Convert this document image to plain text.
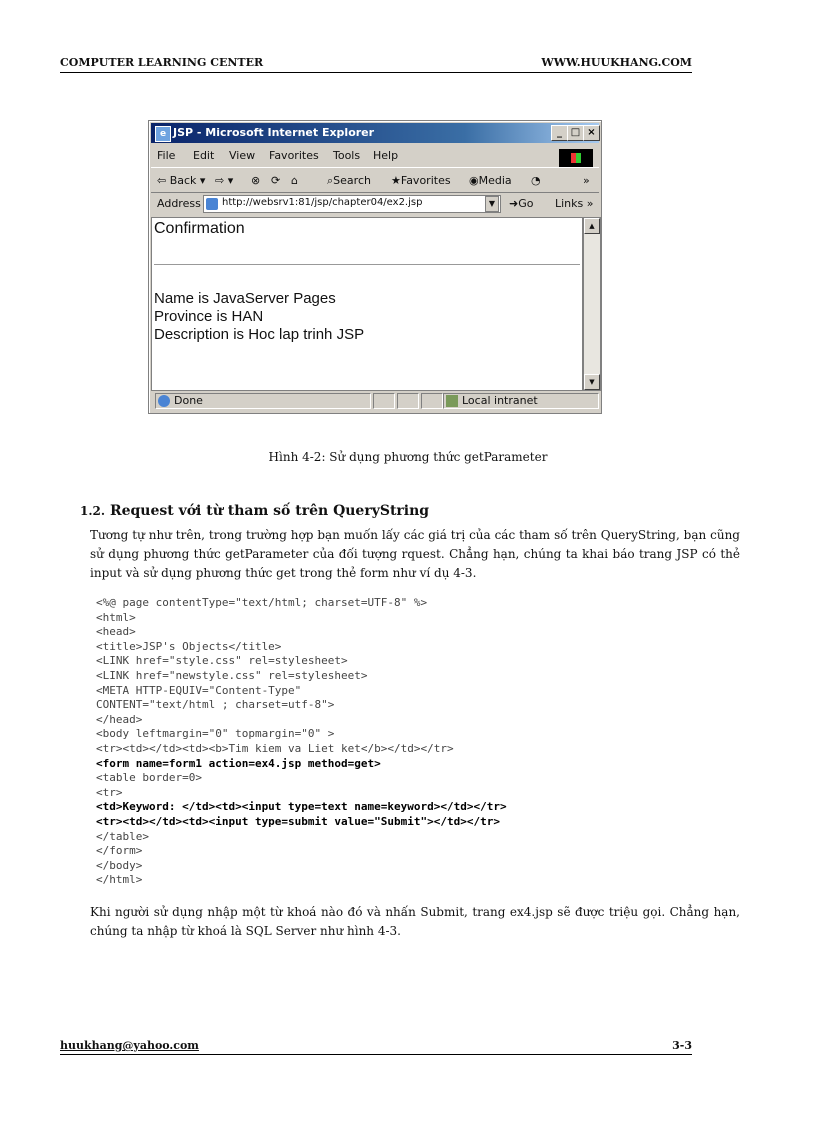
COMPUTER LEARNING CENTER	WWW.HUUKHANG.COM
e JSP - Microsoft Internet Explorer	_ □ ×
File Edit View Favorites Tools Help
⇦ Back ▾ ⇨ ▾ ⊗ ⟳ ⌂	⌕Search ★Favorites ◉Media ◔	»
Address http://websrv1:81/jsp/chapter04/ex2.jsp	▼	➜Go Links »
Confirmation
Name is JavaServer Pages
Province is HAN
Description is Hoc lap trinh JSP
▲
▼
Done	Local intranet
Hình 4-2: Sử dụng phương thức getParameter
1.2. Request với từ tham số trên QueryString
Tương tự như trên, trong trường hợp bạn muốn lấy các giá trị của các tham số trên QueryString, bạn cũng sử dụng phương thức getParameter của đối tượng rquest. Chẳng hạn, chúng ta khai báo trang JSP có thẻ input và sử dụng phương thức get trong thẻ form như ví dụ 4-3.
<%@ page contentType="text/html; charset=UTF-8" %>
<html>
<head>
<title>JSP's Objects</title>
<LINK href="style.css" rel=stylesheet>
<LINK href="newstyle.css" rel=stylesheet>
<META HTTP-EQUIV="Content-Type"
CONTENT="text/html ; charset=utf-8">
</head>
<body leftmargin="0" topmargin="0" >
<tr><td></td><td><b>Tim kiem va Liet ket</b></td></tr>
<form name=form1 action=ex4.jsp method=get>
<table border=0>
<tr>
<td>Keyword: </td><td><input type=text name=keyword></td></tr>
<tr><td></td><td><input type=submit value="Submit"></td></tr>
</table>
</form>
</body>
</html>
Khi người sử dụng nhập một từ khoá nào đó và nhấn Submit, trang ex4.jsp sẽ được triệu gọi. Chẳng hạn, chúng ta nhập từ khoá là SQL Server như hình 4-3.
huukhang@yahoo.com	3-3
